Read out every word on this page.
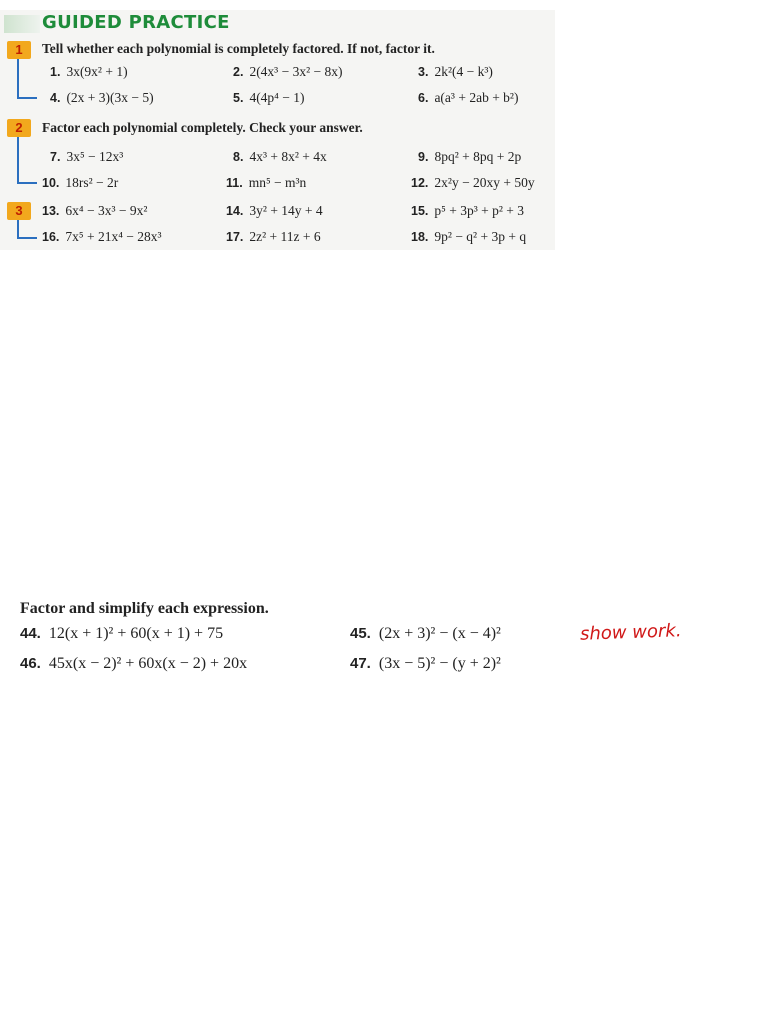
GUIDED PRACTICE
1	Tell whether each polynomial is completely factored. If not, factor it.
1. 3x(9x² + 1)	2. 2(4x³ − 3x² − 8x)	3. 2k²(4 − k³)
4. (2x + 3)(3x − 5)	5. 4(4p⁴ − 1)	6. a(a³ + 2ab + b²)
2	Factor each polynomial completely. Check your answer.
7. 3x⁵ − 12x³	8. 4x³ + 8x² + 4x	9. 8pq² + 8pq + 2p
10. 18rs² − 2r	11. mn⁵ − m³n	12. 2x²y − 20xy + 50y
3	13. 6x⁴ − 3x³ − 9x²	14. 3y² + 14y + 4	15. p⁵ + 3p³ + p² + 3
16. 7x⁵ + 21x⁴ − 28x³	17. 2z² + 11z + 6	18. 9p² − q² + 3p + q
Factor and simplify each expression.
44. 12(x + 1)² + 60(x + 1) + 75	45. (2x + 3)² − (x − 4)²
46. 45x(x − 2)² + 60x(x − 2) + 20x	47. (3x − 5)² − (y + 2)²
show work.
